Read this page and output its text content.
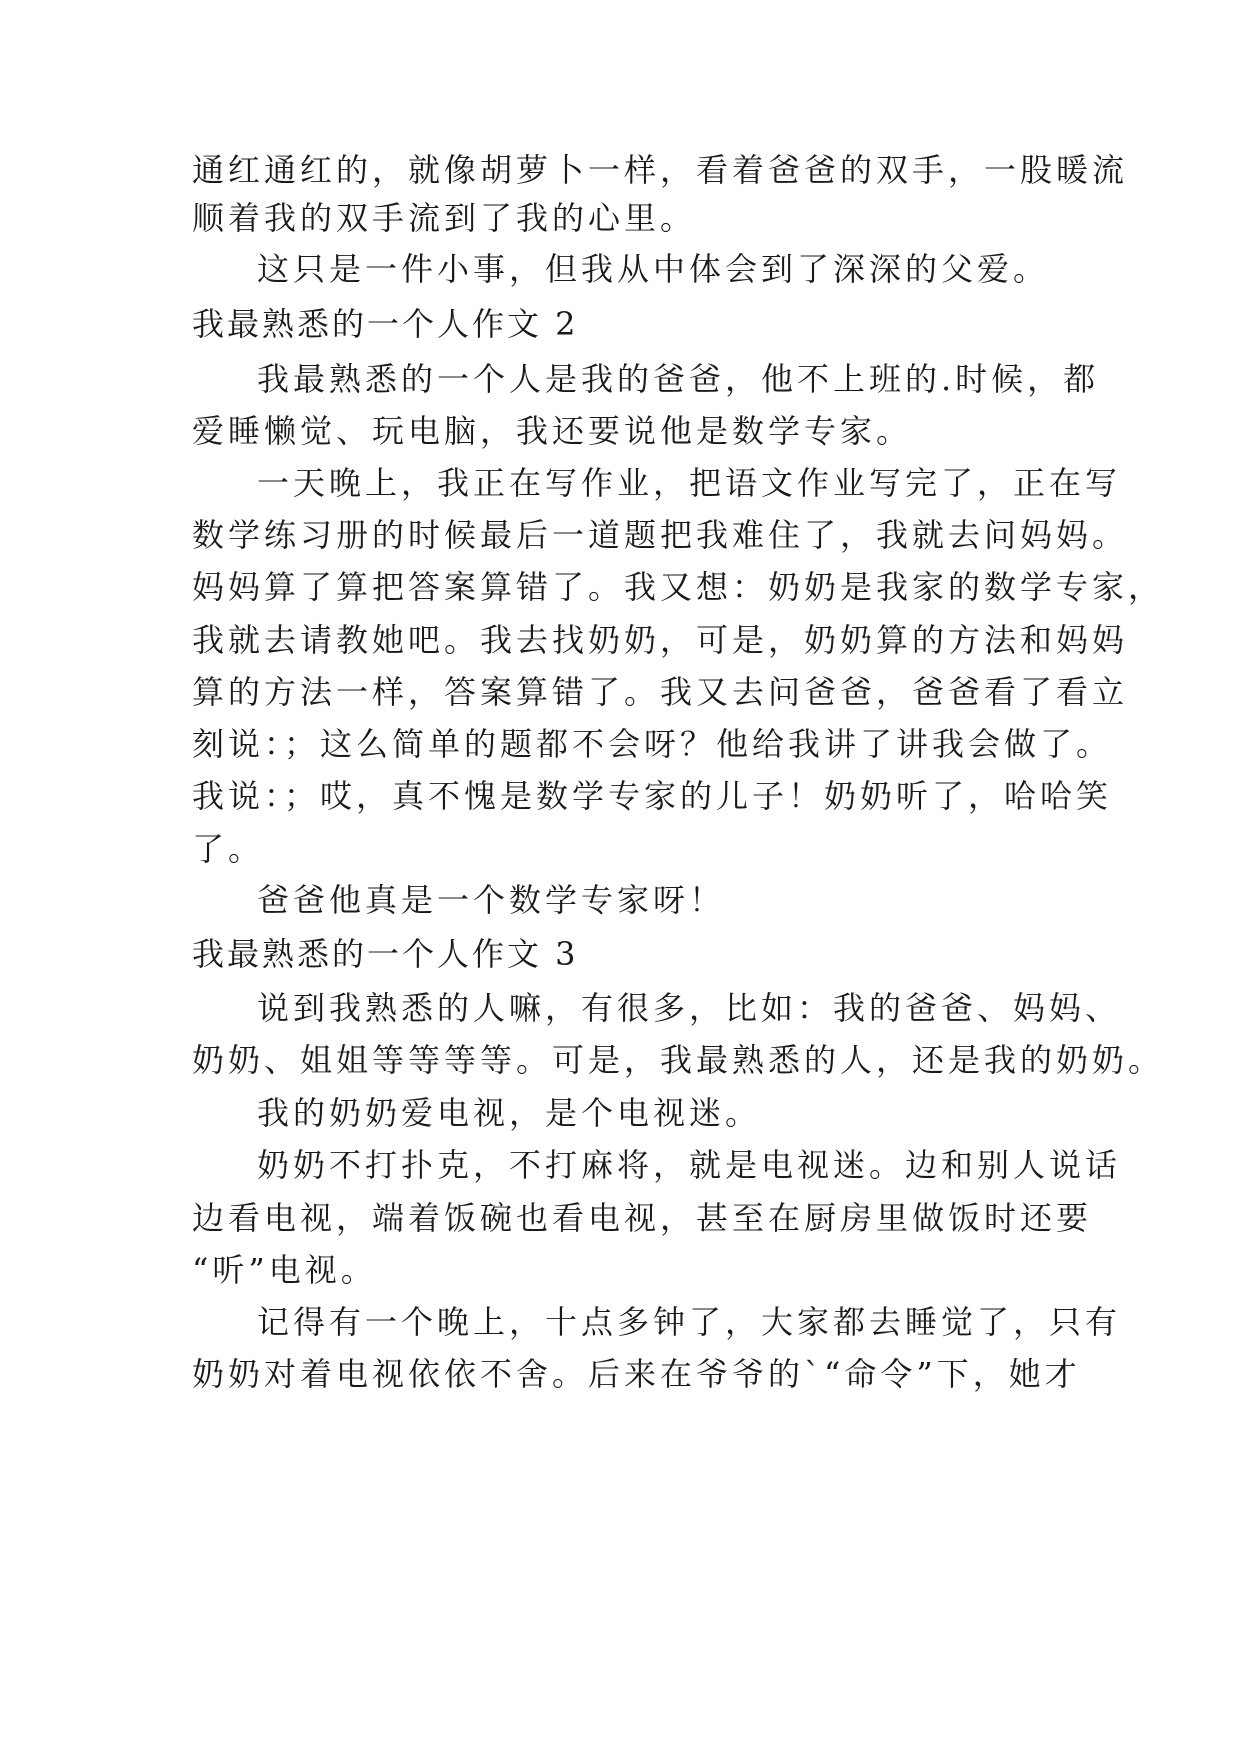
通红通红的，就像胡萝卜一样，看着爸爸的双手，一股暖流
顺着我的双手流到了我的心里。
这只是一件小事，但我从中体会到了深深的父爱。
我最熟悉的一个人作文 2
我最熟悉的一个人是我的爸爸，他不上班的.时候，都
爱睡懒觉、玩电脑，我还要说他是数学专家。
一天晚上，我正在写作业，把语文作业写完了，正在写
数学练习册的时候最后一道题把我难住了，我就去问妈妈。
妈妈算了算把答案算错了。我又想：奶奶是我家的数学专家，
我就去请教她吧。我去找奶奶，可是，奶奶算的方法和妈妈
算的方法一样，答案算错了。我又去问爸爸，爸爸看了看立
刻说：；这么简单的题都不会呀？他给我讲了讲我会做了。
我说：；哎，真不愧是数学专家的儿子！奶奶听了，哈哈笑
了。
爸爸他真是一个数学专家呀！
我最熟悉的一个人作文 3
说到我熟悉的人嘛，有很多，比如：我的爸爸、妈妈、
奶奶、姐姐等等等等。可是，我最熟悉的人，还是我的奶奶。
我的奶奶爱电视，是个电视迷。
奶奶不打扑克，不打麻将，就是电视迷。边和别人说话
边看电视，端着饭碗也看电视，甚至在厨房里做饭时还要
“听”电视。
记得有一个晚上，十点多钟了，大家都去睡觉了，只有
奶奶对着电视依依不舍。后来在爷爷的`“命令”下，她才
